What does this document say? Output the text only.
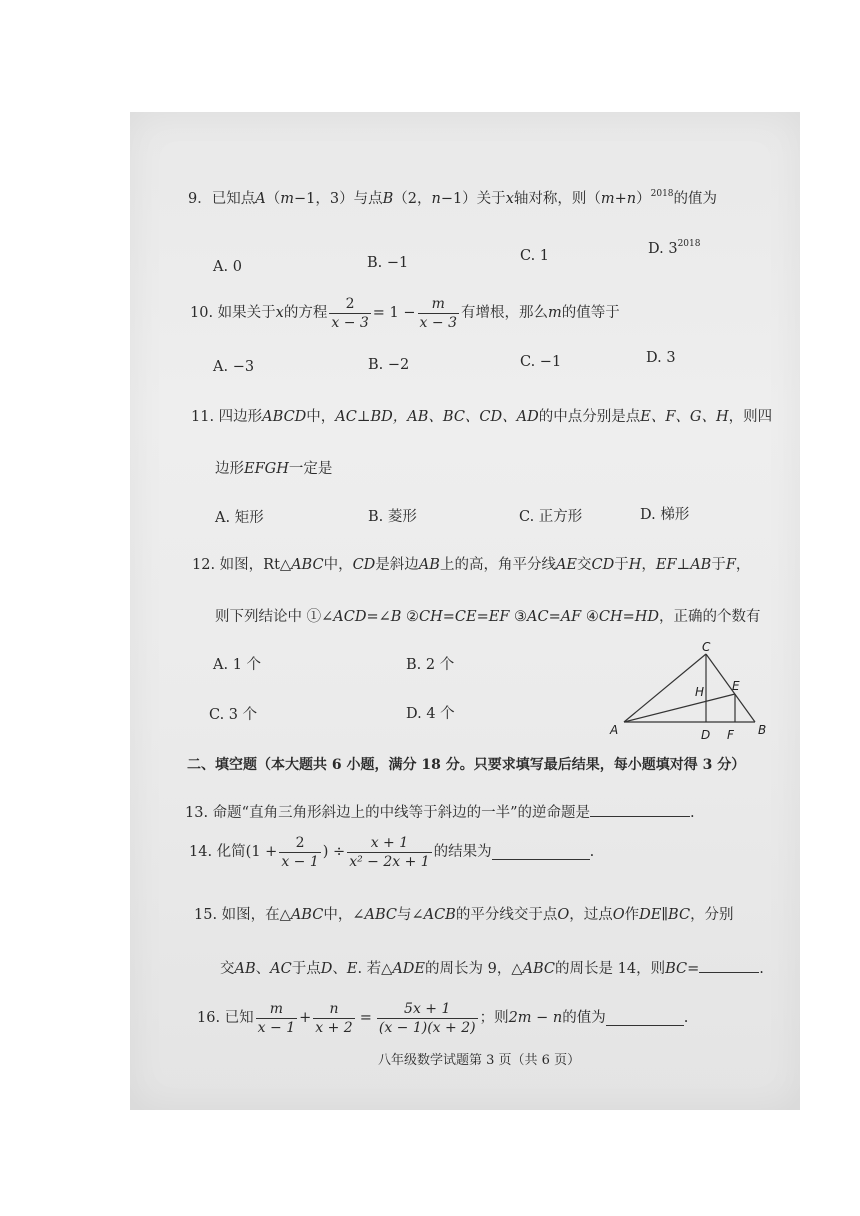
9．已知点A（m−1，3）与点B（2，n−1）关于x轴对称，则$(m+n)^{2018}$的值为
A. 0	B. −1	C. 1	D. $3^{2018}$
10. 如果关于 x 的方程 $\frac{2}{x - 3} = 1 - \frac{m}{x - 3}$ 有增根，那么 m 的值等于
A. −3	B. −2	C. −1	D. 3
11. 四边形ABCD中，AC⊥BD，AB、BC、CD、AD的中点分别是点E、F、G、H，则四
边形EFGH一定是
A. 矩形	B. 菱形	C. 正方形	D. 梯形
12. 如图，Rt△ABC中，CD是斜边AB上的高，角平分线AE交CD于H，EF⊥AB于F，
则下列结论中 ①∠ACD=∠B ②CH=CE=EF ③AC=AF ④CH=HD，正确的个数有
A. 1 个	B. 2 个
C. 3 个	D. 4 个
C
H E
A	D F B
二、填空题（本大题共 6 小题，满分 18 分。只要求填写最后结果，每小题填对得 3 分）
13. 命题“直角三角形斜边上的中线等于斜边的一半”的逆命题是	.
14. 化简 ($1 + \frac{2}{x - 1}$ ) ÷ $\frac{x + 1}{\text{x² − 2x + 1}}$ 的结果为	.
15. 如图，在△ABC中，∠ABC与∠ACB的平分线交于点O，过点O作DE∥BC，分别
交AB、AC于点D、E. 若△ADE的周长为 9，△ABC的周长是 14，则BC=	.
16. 已知 $\frac{m}{x - 1} + \frac{n}{x + 2} = \frac{5x + 1}{(x - 1)(x + 2)}$ ；则 2m − n 的值为	.
八年级数学试题第 3 页（共 6 页）
